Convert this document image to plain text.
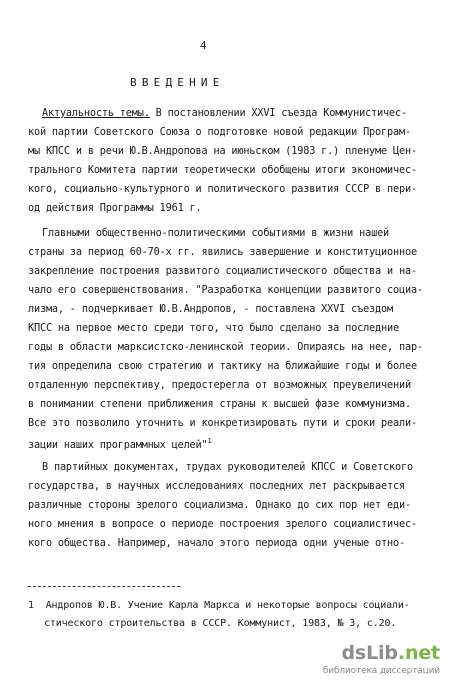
4
ВВЕДЕНИЕ
Актуальность темы. В постановлении ХХVI съезда Коммунистичес-
кой партии Советского Союза о подготовке новой редакции Програм-
мы КПСС и в речи Ю.В.Андропова на июньском (1983 г.) пленуме Цен-
трального Комитета партии теоретически обобщены итоги экономичес-
кого, социально-культурного и политического развития СССР в пери-
од действия Программы 1961 г.
Главными общественно-политическими событиями в жизни нашей
страны за период 60-70-х гг. явились завершение и конституционное
закрепление построения развитого социалистического общества и на-
чало его совершенствования. "Разработка концепции развитого социа-
лизма, - подчеркивает Ю.В.Андропов, - поставлена ХХVI съездом
КПСС на первое место среди того, что было сделано за последние
годы в области марксистско-ленинской теории. Опираясь на нее, пар-
тия определила свою стратегию и тактику на ближайшие годы и более
отдаленную перспективу, предостерегла от возможных преувеличений
в понимании степени приближения страны к высшей фазе коммунизма.
Все это позволило уточнить и конкретизировать пути и сроки реали-
зации наших программных целей"$^1$
В партийных документах, трудах руководителей КПСС и Советского
государства, в научных исследованиях последних лет раскрывается
различные стороны зрелого социализма. Однако до сих пор нет еди-
ного мнения в вопросе о периоде построения зрелого социалистичес-
кого общества. Например, начало этого периода одни ученые отно-
1 Андропов Ю.В. Учение Карла Маркса и некоторые вопросы социали-
стического строительства в СССР. Коммунист, 1983, № 3, с.20.
dsLib.net
библиотека диссертаций
